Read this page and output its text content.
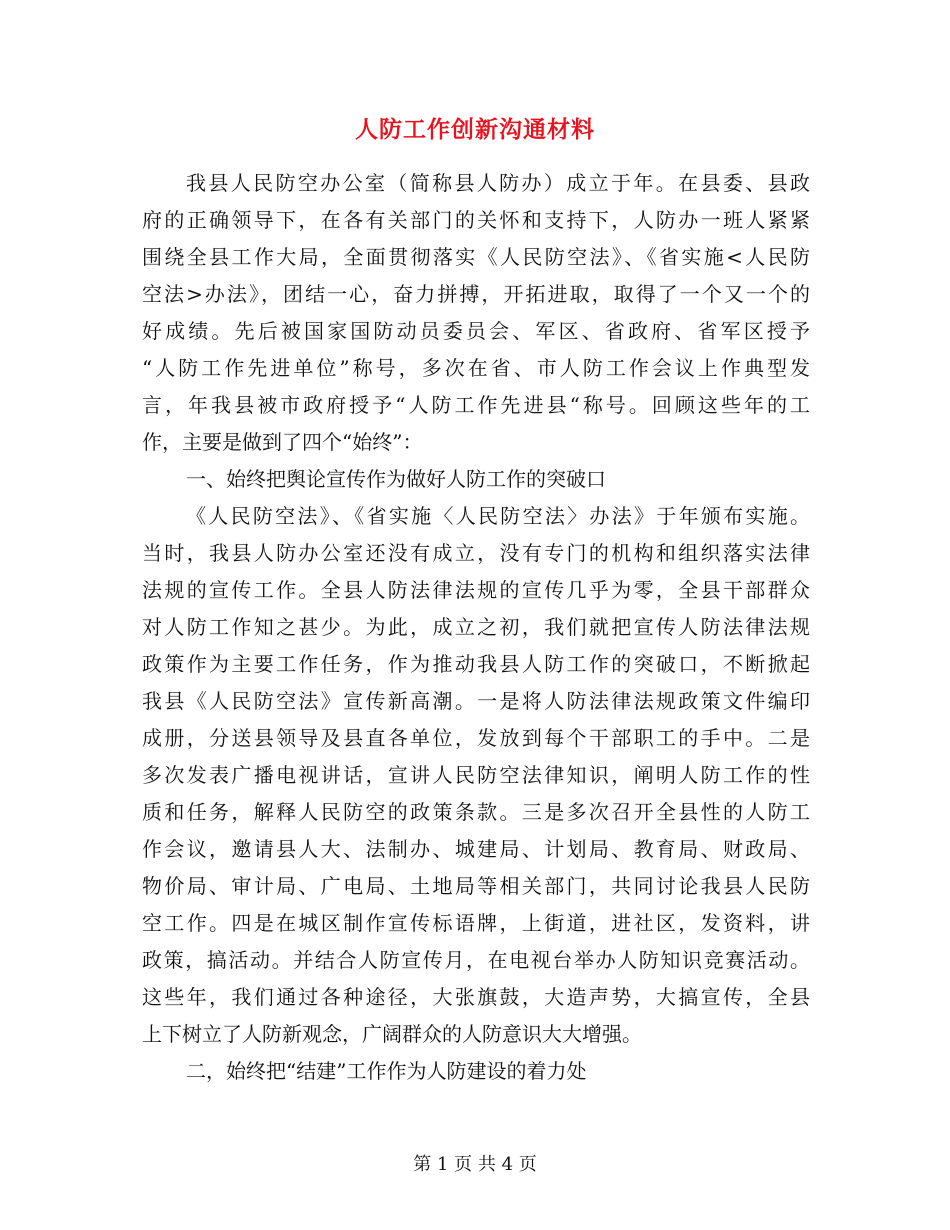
人防工作创新沟通材料
我县人民防空办公室（简称县人防办）成立于年。在县委、县政
府的正确领导下，在各有关部门的关怀和支持下，人防办一班人紧紧
围绕全县工作大局，全面贯彻落实《人民防空法》、《省实施<人民防
空法>办法》，团结一心，奋力拼搏，开拓进取，取得了一个又一个的
好成绩。先后被国家国防动员委员会、军区、省政府、省军区授予
“人防工作先进单位”称号，多次在省、市人防工作会议上作典型发
言，年我县被市政府授予“人防工作先进县“称号。回顾这些年的工
作，主要是做到了四个“始终”：
一、始终把舆论宣传作为做好人防工作的突破口
《人民防空法》、《省实施〈人民防空法〉办法》于年颁布实施。
当时，我县人防办公室还没有成立，没有专门的机构和组织落实法律
法规的宣传工作。全县人防法律法规的宣传几乎为零，全县干部群众
对人防工作知之甚少。为此，成立之初，我们就把宣传人防法律法规
政策作为主要工作任务，作为推动我县人防工作的突破口，不断掀起
我县《人民防空法》宣传新高潮。一是将人防法律法规政策文件编印
成册，分送县领导及县直各单位，发放到每个干部职工的手中。二是
多次发表广播电视讲话，宣讲人民防空法律知识，阐明人防工作的性
质和任务，解释人民防空的政策条款。三是多次召开全县性的人防工
作会议，邀请县人大、法制办、城建局、计划局、教育局、财政局、
物价局、审计局、广电局、土地局等相关部门，共同讨论我县人民防
空工作。四是在城区制作宣传标语牌，上街道，进社区，发资料，讲
政策，搞活动。并结合人防宣传月，在电视台举办人防知识竞赛活动。
这些年，我们通过各种途径，大张旗鼓，大造声势，大搞宣传，全县
上下树立了人防新观念，广阔群众的人防意识大大增强。
二，始终把“结建”工作作为人防建设的着力处
第 1 页 共 4 页
